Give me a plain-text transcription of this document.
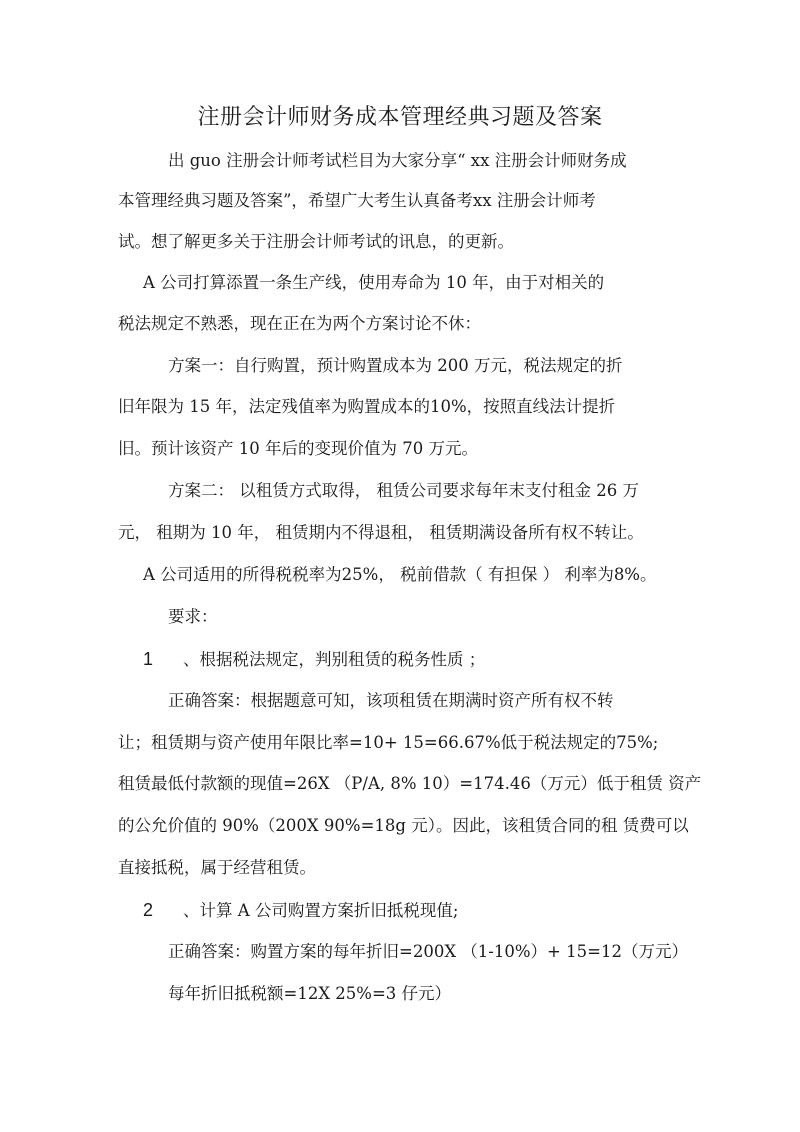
注册会计师财务成本管理经典习题及答案
出 guo 注册会计师考试栏目为大家分享“ xx 注册会计师财务成
本管理经典习题及答案”，希望广大考生认真备考xx 注册会计师考
试。想了解更多关于注册会计师考试的讯息，的更新。
A 公司打算添置一条生产线，使用寿命为 10 年，由于对相关的
税法规定不熟悉，现在正在为两个方案讨论不休：
方案一：自行购置，预计购置成本为 200 万元，税法规定的折
旧年限为 15 年，法定残值率为购置成本的10%，按照直线法计提折
旧。预计该资产 10 年后的变现价值为 70 万元。
方案二： 以租赁方式取得， 租赁公司要求每年末支付租金 26 万
元， 租期为 10 年， 租赁期内不得退租， 租赁期满设备所有权不转让。
A 公司适用的所得税税率为25%， 税前借款（ 有担保 ） 利率为8%。
要求：
1 、根据税法规定，判别租赁的税务性质 ；
正确答案：根据题意可知，该项租赁在期满时资产所有权不转
让；租赁期与资产使用年限比率=10+ 15=66.67%低于税法规定的75%;
租赁最低付款额的现值=26X （P/A, 8% 10）=174.46（万元）低于租赁 资产
的公允价值的 90%（200X 90%=18g 元）。因此，该租赁合同的租 赁费可以
直接抵税，属于经营租赁。
2 、计算 A 公司购置方案折旧抵税现值;
正确答案：购置方案的每年折旧=200X （1-10%）+ 15=12（万元）
每年折旧抵税额=12X 25%=3 仔元）
